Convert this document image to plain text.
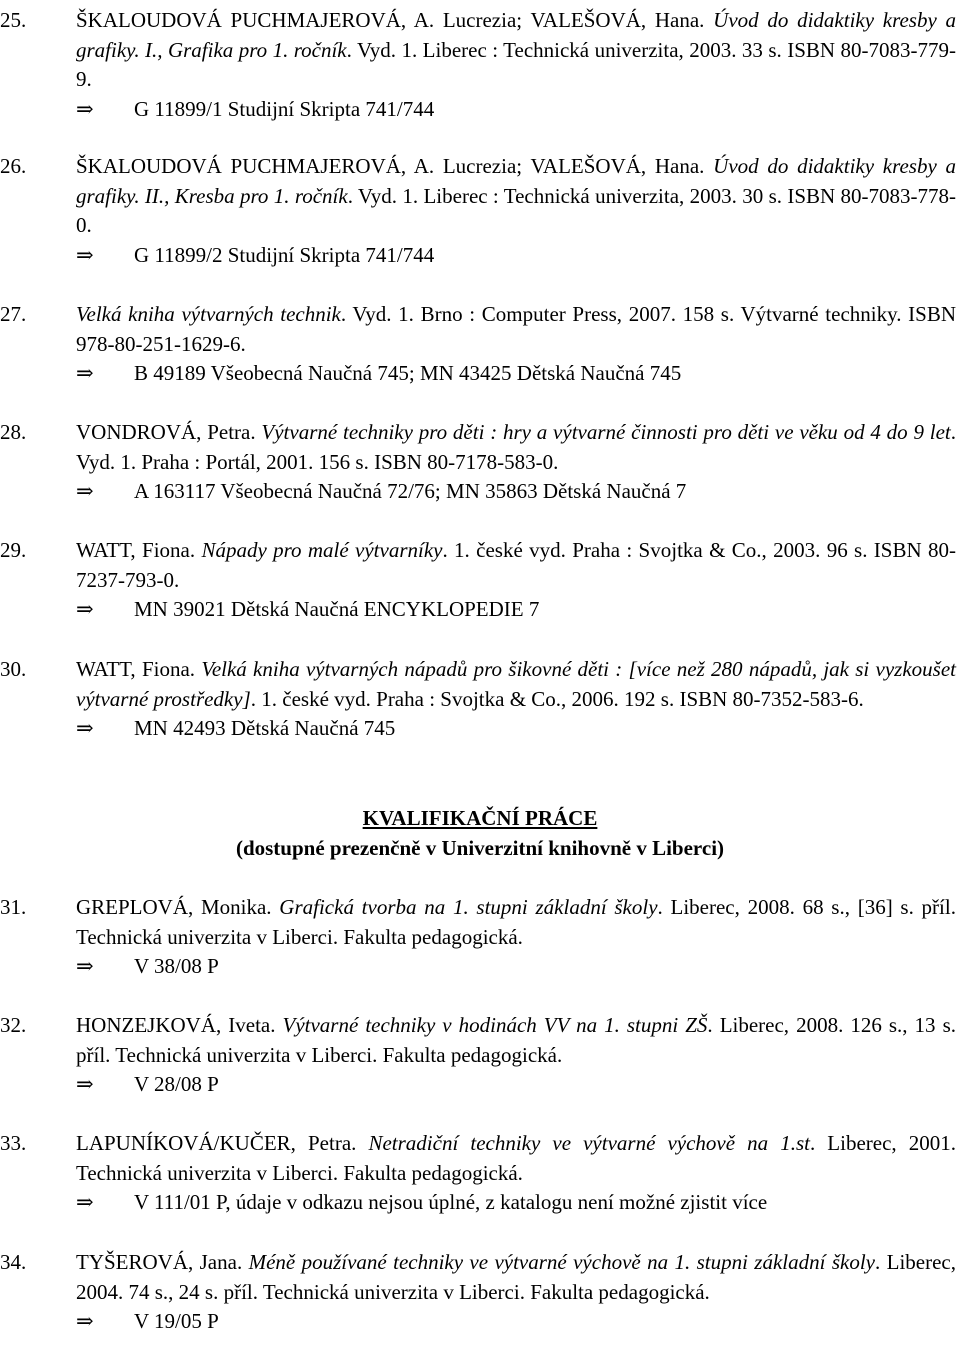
25.	ŠKALOUDOVÁ PUCHMAJEROVÁ, A. Lucrezia; VALEŠOVÁ, Hana. Úvod do didaktiky kresby a grafiky. I., Grafika pro 1. ročník. Vyd. 1. Liberec : Technická univerzita, 2003. 33 s. ISBN 80-7083-779-9.
⇒ G 11899/1 Studijní Skripta 741/744
26.	ŠKALOUDOVÁ PUCHMAJEROVÁ, A. Lucrezia; VALEŠOVÁ, Hana. Úvod do didaktiky kresby a grafiky. II., Kresba pro 1. ročník. Vyd. 1. Liberec : Technická univerzita, 2003. 30 s. ISBN 80-7083-778-0.
⇒ G 11899/2 Studijní Skripta 741/744
27.	Velká kniha výtvarných technik. Vyd. 1. Brno : Computer Press, 2007. 158 s. Výtvarné techniky. ISBN 978-80-251-1629-6.
⇒ B 49189 Všeobecná Naučná 745; MN 43425 Dětská Naučná 745
28.	VONDROVÁ, Petra. Výtvarné techniky pro děti : hry a výtvarné činnosti pro děti ve věku od 4 do 9 let. Vyd. 1. Praha : Portál, 2001. 156 s. ISBN 80-7178-583-0.
⇒ A 163117 Všeobecná Naučná 72/76; MN 35863 Dětská Naučná 7
29.	WATT, Fiona. Nápady pro malé výtvarníky. 1. české vyd. Praha : Svojtka & Co., 2003. 96 s. ISBN 80-7237-793-0.
⇒ MN 39021 Dětská Naučná ENCYKLOPEDIE 7
30.	WATT, Fiona. Velká kniha výtvarných nápadů pro šikovné děti : [více než 280 nápadů, jak si vyzkoušet výtvarné prostředky]. 1. české vyd. Praha : Svojtka & Co., 2006. 192 s. ISBN 80-7352-583-6.
⇒ MN 42493 Dětská Naučná 745
KVALIFIKAČNÍ PRÁCE
(dostupné prezenčně v Univerzitní knihovně v Liberci)
31.	GREPLOVÁ, Monika. Grafická tvorba na 1. stupni základní školy. Liberec, 2008. 68 s., [36] s. příl. Technická univerzita v Liberci. Fakulta pedagogická.
⇒ V 38/08 P
32.	HONZEJKOVÁ, Iveta. Výtvarné techniky v hodinách VV na 1. stupni ZŠ. Liberec, 2008. 126 s., 13 s. příl. Technická univerzita v Liberci. Fakulta pedagogická.
⇒ V 28/08 P
33.	LAPUNÍKOVÁ/KUČER, Petra. Netradiční techniky ve výtvarné výchově na 1.st. Liberec, 2001. Technická univerzita v Liberci. Fakulta pedagogická.
⇒ V 111/01 P, údaje v odkazu nejsou úplné, z katalogu není možné zjistit více
34.	TYŠEROVÁ, Jana. Méně používané techniky ve výtvarné výchově na 1. stupni základní školy. Liberec, 2004. 74 s., 24 s. příl. Technická univerzita v Liberci. Fakulta pedagogická.
⇒ V 19/05 P
